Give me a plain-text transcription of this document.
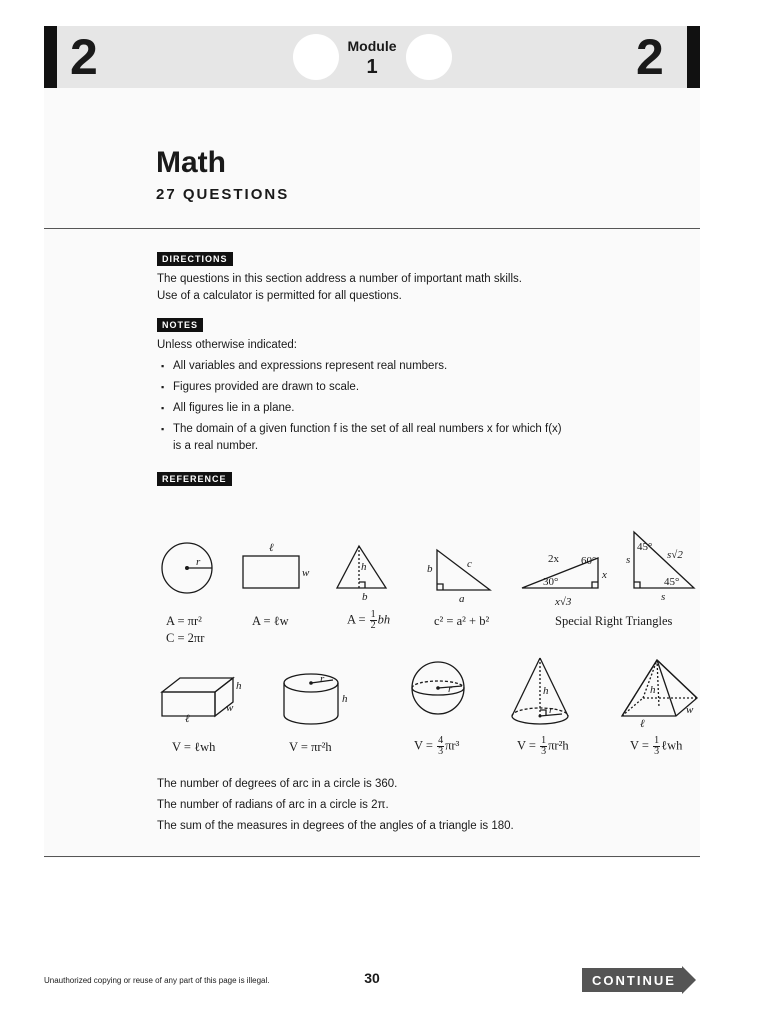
2	Module
1	2
Math
27 QUESTIONS
DIRECTIONS
The questions in this section address a number of important math skills.
Use of a calculator is permitted for all questions.
NOTES
Unless otherwise indicated:
▪ All variables and expressions represent real numbers.
▪ Figures provided are drawn to scale.
▪ All figures lie in a plane.
▪ The domain of a given function f is the set of all real numbers x for which f(x)
is a real number.
REFERENCE
r
ℓ
w	h
b
b	c
a
2x 60°
x
30°
x√3
s
45°
s√2
45°
s
h
w
ℓ
r
h
r	h
r
h
w
ℓ
A = πr²
C = 2πr
A = ℓw	$A = \frac{1}{2}$ bh	c² = a² + b²	Special Right Triangles
V = ℓwh	V = πr²h	$V = \frac{4}{3} \pi r^3$	$V = \frac{1}{3} \pi r^2h$	$V = \frac{1}{3}$ ℓwh
The number of degrees of arc in a circle is 360.
The number of radians of arc in a circle is 2π.
The sum of the measures in degrees of the angles of a triangle is 180.
Unauthorized copying or reuse of any part of this page is illegal.	30	CONTINUE
